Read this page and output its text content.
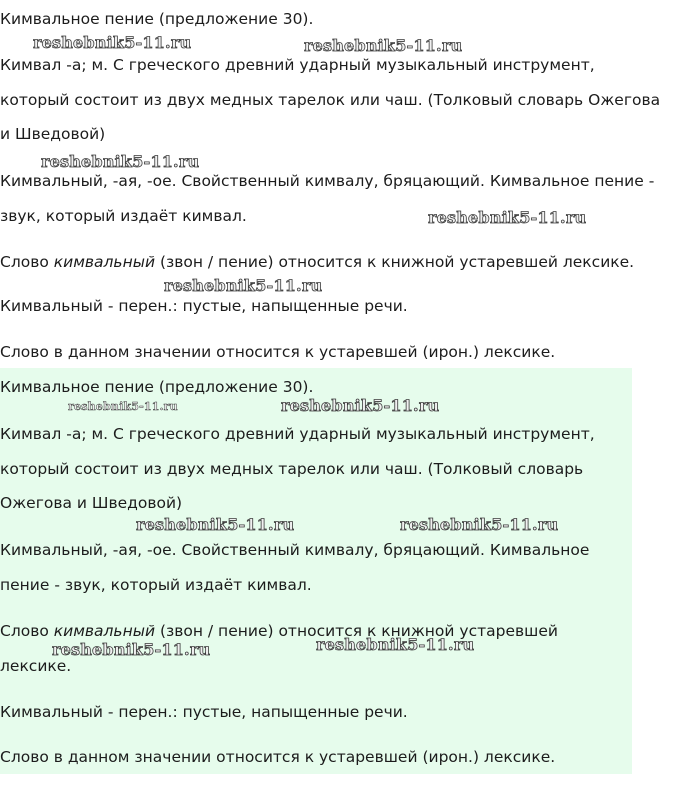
Кимвальное пение (предложение 30).

reshebnik5-11.ru	reshebnik5-11.ru

Кимвал -а; м. С греческого древний ударный музыкальный инструмент,

который состоит из двух медных тарелок или чаш. (Толковый словарь Ожегова

и Шведовой)

reshebnik5-11.ru

Кимвальный, -ая, -ое. Свойственный кимвалу, бряцающий. Кимвальное пение -

звук, который издаёт кимвал.	reshebnik5-11.ru

Слово кимвальный (звон / пение) относится к книжной устаревшей лексике.

reshebnik5-11.ru

Кимвальный - перен.: пустые, напыщенные речи.

Слово в данном значении относится к устаревшей (ирон.) лексике.

Кимвальное пение (предложение 30).

reshebnik5-11.ru	reshebnik5-11.ru

Кимвал -а; м. С греческого древний ударный музыкальный инструмент,

который состоит из двух медных тарелок или чаш. (Толковый словарь

Ожегова и Шведовой)

reshebnik5-11.ru	reshebnik5-11.ru

Кимвальный, -ая, -ое. Свойственный кимвалу, бряцающий. Кимвальное

пение - звук, который издаёт кимвал.

Слово кимвальный (звон / пение) относится к книжной устаревшей

reshebnik5-11.ru
reshebnik5-11.ru

лексике.

Кимвальный - перен.: пустые, напыщенные речи.

Слово в данном значении относится к устаревшей (ирон.) лексике.
